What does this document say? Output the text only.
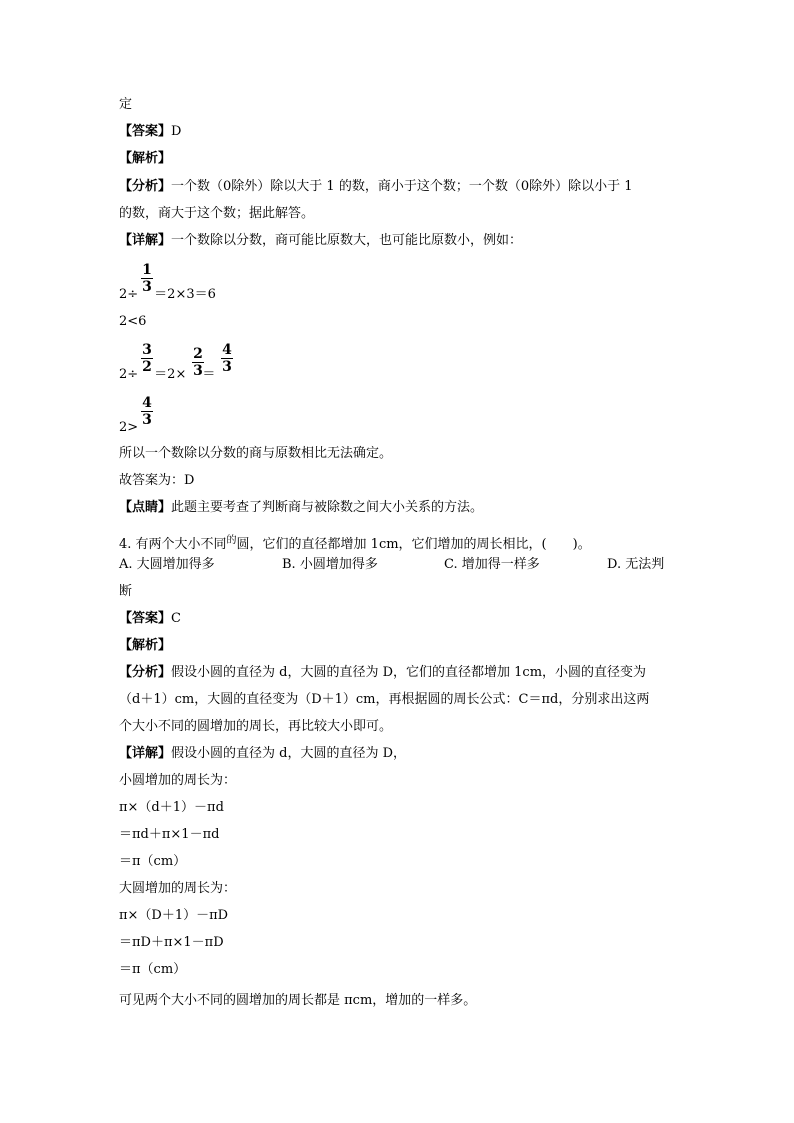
定
【答案】D
【解析】
【分析】一个数（0除外）除以大于 1 的数，商小于这个数；一个数（0除外）除以小于 1
的数，商大于这个数；据此解答。
【详解】一个数除以分数，商可能比原数大，也可能比原数小，例如：
2÷ ＝2×3＝6
1
3
2<6
2÷ ＝2× ＝
3
2
2
3
4
3
2>
4
3
所以一个数除以分数的商与原数相比无法确定。
故答案为：D
【点睛】此题主要考查了判断商与被除数之间大小关系的方法。
4. 有两个大小不同$^的$圆，它们的直径都增加 1cm，它们增加的周长相比，(　　)。
A. 大圆增加得多	B. 小圆增加得多	C. 增加得一样多	D. 无法判
断
【答案】C
【解析】
【分析】假设小圆的直径为 d，大圆的直径为 D，它们的直径都增加 1cm，小圆的直径变为
（d＋1）cm，大圆的直径变为（D＋1）cm，再根据圆的周长公式：C＝πd，分别求出这两
个大小不同的圆增加的周长，再比较大小即可。
【详解】假设小圆的直径为 d，大圆的直径为 D，
小圆增加的周长为：
π×（d＋1）－πd
＝πd＋π×1－πd
＝π（cm）
大圆增加的周长为：
π×（D＋1）－πD
＝πD＋π×1－πD
＝π（cm）
可见两个大小不同的圆增加的周长都是 πcm，增加的一样多。
